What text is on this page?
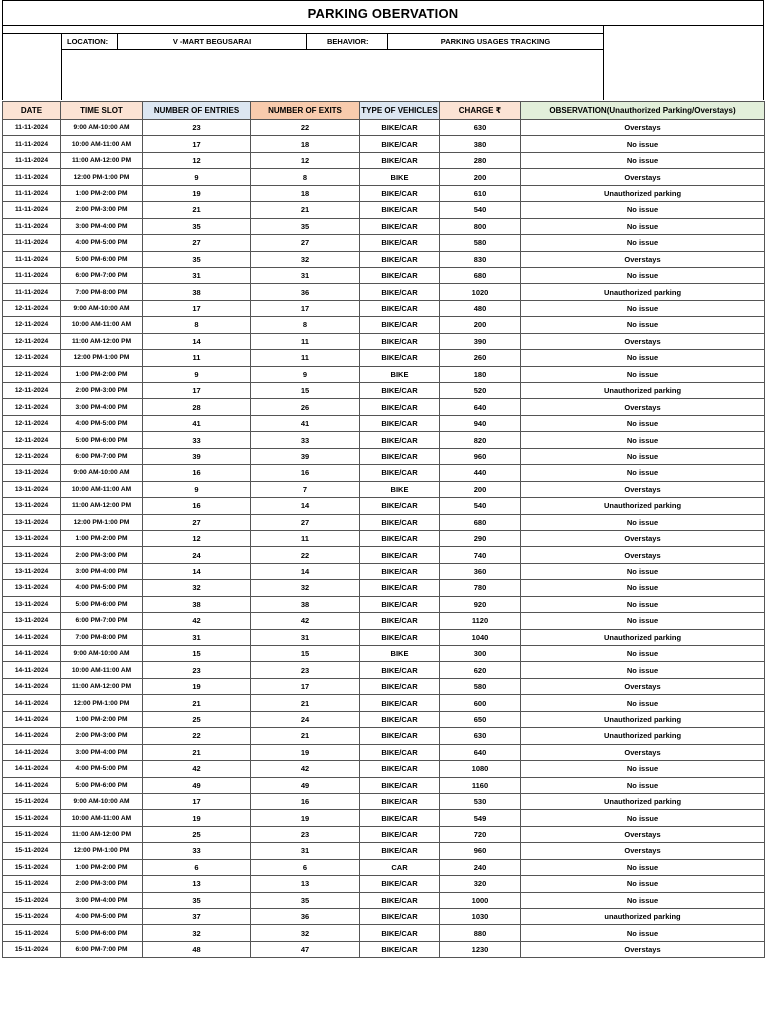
PARKING OBERVATION
LOCATION:	V -MART BEGUSARAI	BEHAVIOR:	PARKING USAGES TRACKING
DATE	TIME SLOT	NUMBER OF ENTRIES	NUMBER OF EXITS	TYPE OF VEHICLES	CHARGE ₹	OBSERVATION(Unauthorized Parking/Overstays)
11-11-2024	9:00 AM-10:00 AM	23	22	BIKE/CAR	630	Overstays
11-11-2024	10:00 AM-11:00 AM	17	18	BIKE/CAR	380	No issue
11-11-2024	11:00 AM-12:00 PM	12	12	BIKE/CAR	280	No issue
11-11-2024	12:00 PM-1:00 PM	9	8	BIKE	200	Overstays
11-11-2024	1:00 PM-2:00 PM	19	18	BIKE/CAR	610	Unauthorized parking
11-11-2024	2:00 PM-3:00 PM	21	21	BIKE/CAR	540	No issue
11-11-2024	3:00 PM-4:00 PM	35	35	BIKE/CAR	800	No issue
11-11-2024	4:00 PM-5:00 PM	27	27	BIKE/CAR	580	No issue
11-11-2024	5:00 PM-6:00 PM	35	32	BIKE/CAR	830	Overstays
11-11-2024	6:00 PM-7:00 PM	31	31	BIKE/CAR	680	No issue
11-11-2024	7:00 PM-8:00 PM	38	36	BIKE/CAR	1020	Unauthorized parking
12-11-2024	9:00 AM-10:00 AM	17	17	BIKE/CAR	480	No issue
12-11-2024	10:00 AM-11:00 AM	8	8	BIKE/CAR	200	No issue
12-11-2024	11:00 AM-12:00 PM	14	11	BIKE/CAR	390	Overstays
12-11-2024	12:00 PM-1:00 PM	11	11	BIKE/CAR	260	No issue
12-11-2024	1:00 PM-2:00 PM	9	9	BIKE	180	No issue
12-11-2024	2:00 PM-3:00 PM	17	15	BIKE/CAR	520	Unauthorized parking
12-11-2024	3:00 PM-4:00 PM	28	26	BIKE/CAR	640	Overstays
12-11-2024	4:00 PM-5:00 PM	41	41	BIKE/CAR	940	No issue
12-11-2024	5:00 PM-6:00 PM	33	33	BIKE/CAR	820	No issue
12-11-2024	6:00 PM-7:00 PM	39	39	BIKE/CAR	960	No issue
13-11-2024	9:00 AM-10:00 AM	16	16	BIKE/CAR	440	No issue
13-11-2024	10:00 AM-11:00 AM	9	7	BIKE	200	Overstays
13-11-2024	11:00 AM-12:00 PM	16	14	BIKE/CAR	540	Unauthorized parking
13-11-2024	12:00 PM-1:00 PM	27	27	BIKE/CAR	680	No issue
13-11-2024	1:00 PM-2:00 PM	12	11	BIKE/CAR	290	Overstays
13-11-2024	2:00 PM-3:00 PM	24	22	BIKE/CAR	740	Overstays
13-11-2024	3:00 PM-4:00 PM	14	14	BIKE/CAR	360	No issue
13-11-2024	4:00 PM-5:00 PM	32	32	BIKE/CAR	780	No issue
13-11-2024	5:00 PM-6:00 PM	38	38	BIKE/CAR	920	No issue
13-11-2024	6:00 PM-7:00 PM	42	42	BIKE/CAR	1120	No issue
14-11-2024	7:00 PM-8:00 PM	31	31	BIKE/CAR	1040	Unauthorized parking
14-11-2024	9:00 AM-10:00 AM	15	15	BIKE	300	No issue
14-11-2024	10:00 AM-11:00 AM	23	23	BIKE/CAR	620	No issue
14-11-2024	11:00 AM-12:00 PM	19	17	BIKE/CAR	580	Overstays
14-11-2024	12:00 PM-1:00 PM	21	21	BIKE/CAR	600	No issue
14-11-2024	1:00 PM-2:00 PM	25	24	BIKE/CAR	650	Unauthorized parking
14-11-2024	2:00 PM-3:00 PM	22	21	BIKE/CAR	630	Unauthorized parking
14-11-2024	3:00 PM-4:00 PM	21	19	BIKE/CAR	640	Overstays
14-11-2024	4:00 PM-5:00 PM	42	42	BIKE/CAR	1080	No issue
14-11-2024	5:00 PM-6:00 PM	49	49	BIKE/CAR	1160	No issue
15-11-2024	9:00 AM-10:00 AM	17	16	BIKE/CAR	530	Unauthorized parking
15-11-2024	10:00 AM-11:00 AM	19	19	BIKE/CAR	549	No issue
15-11-2024	11:00 AM-12:00 PM	25	23	BIKE/CAR	720	Overstays
15-11-2024	12:00 PM-1:00 PM	33	31	BIKE/CAR	960	Overstays
15-11-2024	1:00 PM-2:00 PM	6	6	CAR	240	No issue
15-11-2024	2:00 PM-3:00 PM	13	13	BIKE/CAR	320	No issue
15-11-2024	3:00 PM-4:00 PM	35	35	BIKE/CAR	1000	No issue
15-11-2024	4:00 PM-5:00 PM	37	36	BIKE/CAR	1030	unauthorized parking
15-11-2024	5:00 PM-6:00 PM	32	32	BIKE/CAR	880	No issue
15-11-2024	6:00 PM-7:00 PM	48	47	BIKE/CAR	1230	Overstays
